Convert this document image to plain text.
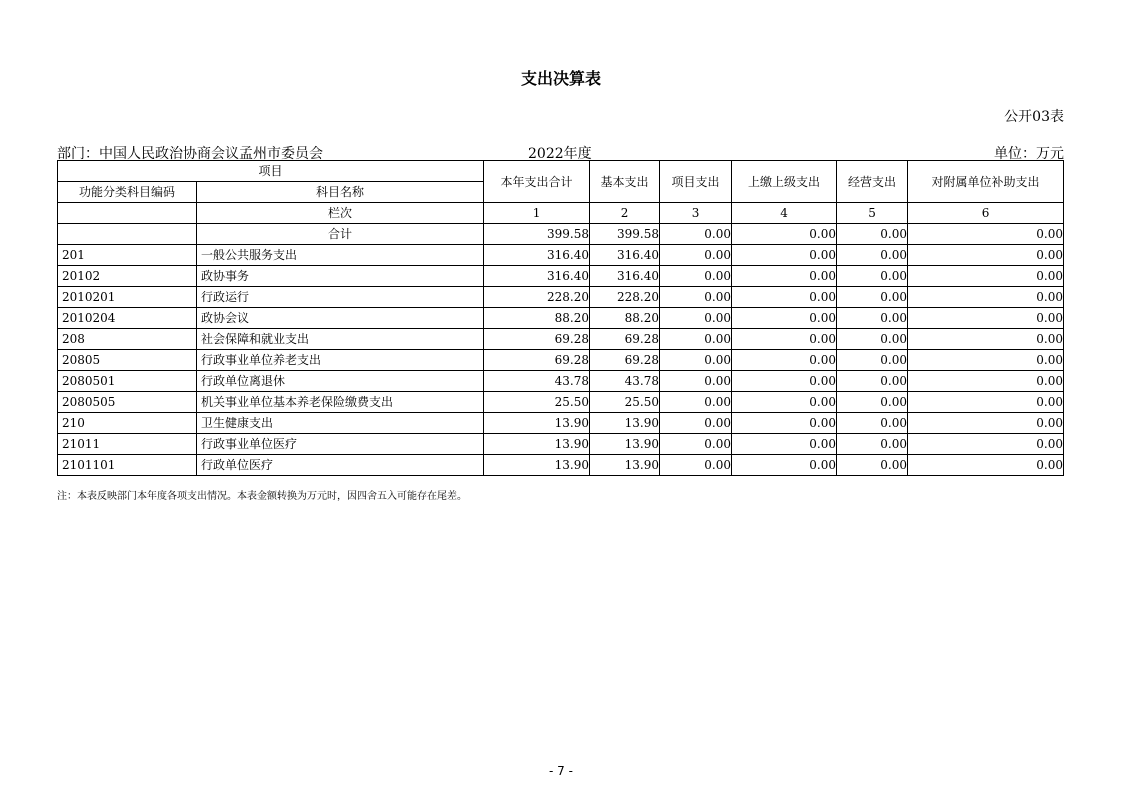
支出决算表
公开03表
部门：中国人民政治协商会议孟州市委员会	2022年度	单位：万元
项目		本年支出合计	基本支出	项目支出	上缴上级支出	经营支出	对附属单位补助支出
功能分类科目编码	科目名称						
	栏次	1	2	3	4	5	6
	合计	399.58	399.58	0.00	0.00	0.00	0.00
201	一般公共服务支出	316.40	316.40	0.00	0.00	0.00	0.00
20102	政协事务	316.40	316.40	0.00	0.00	0.00	0.00
2010201	行政运行	228.20	228.20	0.00	0.00	0.00	0.00
2010204	政协会议	88.20	88.20	0.00	0.00	0.00	0.00
208	社会保障和就业支出	69.28	69.28	0.00	0.00	0.00	0.00
20805	行政事业单位养老支出	69.28	69.28	0.00	0.00	0.00	0.00
2080501	行政单位离退休	43.78	43.78	0.00	0.00	0.00	0.00
2080505	机关事业单位基本养老保险缴费支出	25.50	25.50	0.00	0.00	0.00	0.00
210	卫生健康支出	13.90	13.90	0.00	0.00	0.00	0.00
21011	行政事业单位医疗	13.90	13.90	0.00	0.00	0.00	0.00
2101101	行政单位医疗	13.90	13.90	0.00	0.00	0.00	0.00
注：本表反映部门本年度各项支出情况。本表金额转换为万元时，因四舍五入可能存在尾差。
- 7 -
